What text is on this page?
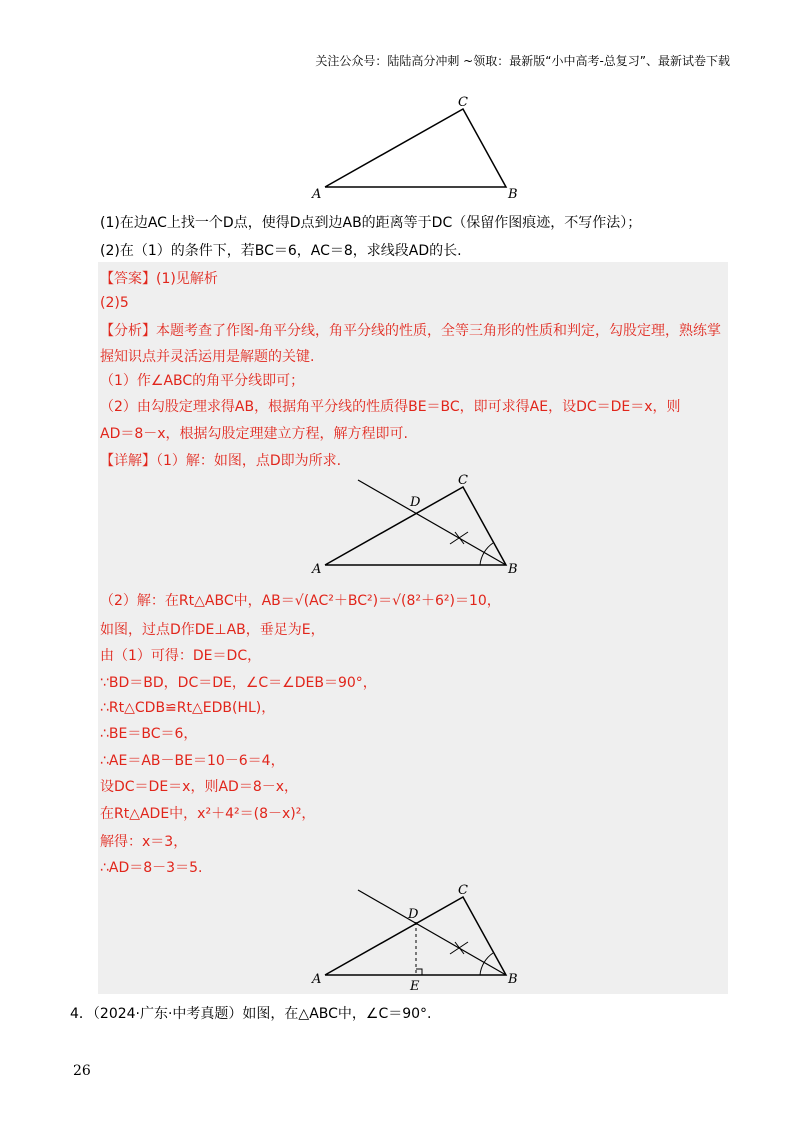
关注公众号：陆陆高分冲刺 ~领取：最新版“小中高考-总复习”、最新试卷下载
A	B
C
(1)在边AC上找一个D点，使得D点到边AB的距离等于DC（保留作图痕迹，不写作法）；
(2)在（1）的条件下，若BC＝6，AC＝8，求线段AD的长.
【答案】(1)见解析
(2)5
【分析】本题考查了作图-角平分线，角平分线的性质，全等三角形的性质和判定，勾股定理，熟练掌
握知识点并灵活运用是解题的关键.
（1）作∠ABC的角平分线即可；
（2）由勾股定理求得AB，根据角平分线的性质得BE＝BC，即可求得AE，设DC＝DE＝x，则
AD＝8－x，根据勾股定理建立方程，解方程即可.
【详解】（1）解：如图，点D即为所求.
A	B
C
D
（2）解：在Rt△ABC中，AB＝√(AC²＋BC²)＝√(8²＋6²)＝10，
如图，过点D作DE⊥AB，垂足为E，
由（1）可得：DE＝DC，
∵BD＝BD，DC＝DE，∠C＝∠DEB＝90°，
∴Rt△CDB≌Rt△EDB(HL)，
∴BE＝BC＝6，
∴AE＝AB－BE＝10－6＝4，
设DC＝DE＝x，则AD＝8－x，
在Rt△ADE中，x²＋4²＝(8－x)²，
解得：x＝3，
∴AD＝8－3＝5.
A	B
C
D
E
4．（2024·广东·中考真题）如图，在△ABC中，∠C＝90°.
26
